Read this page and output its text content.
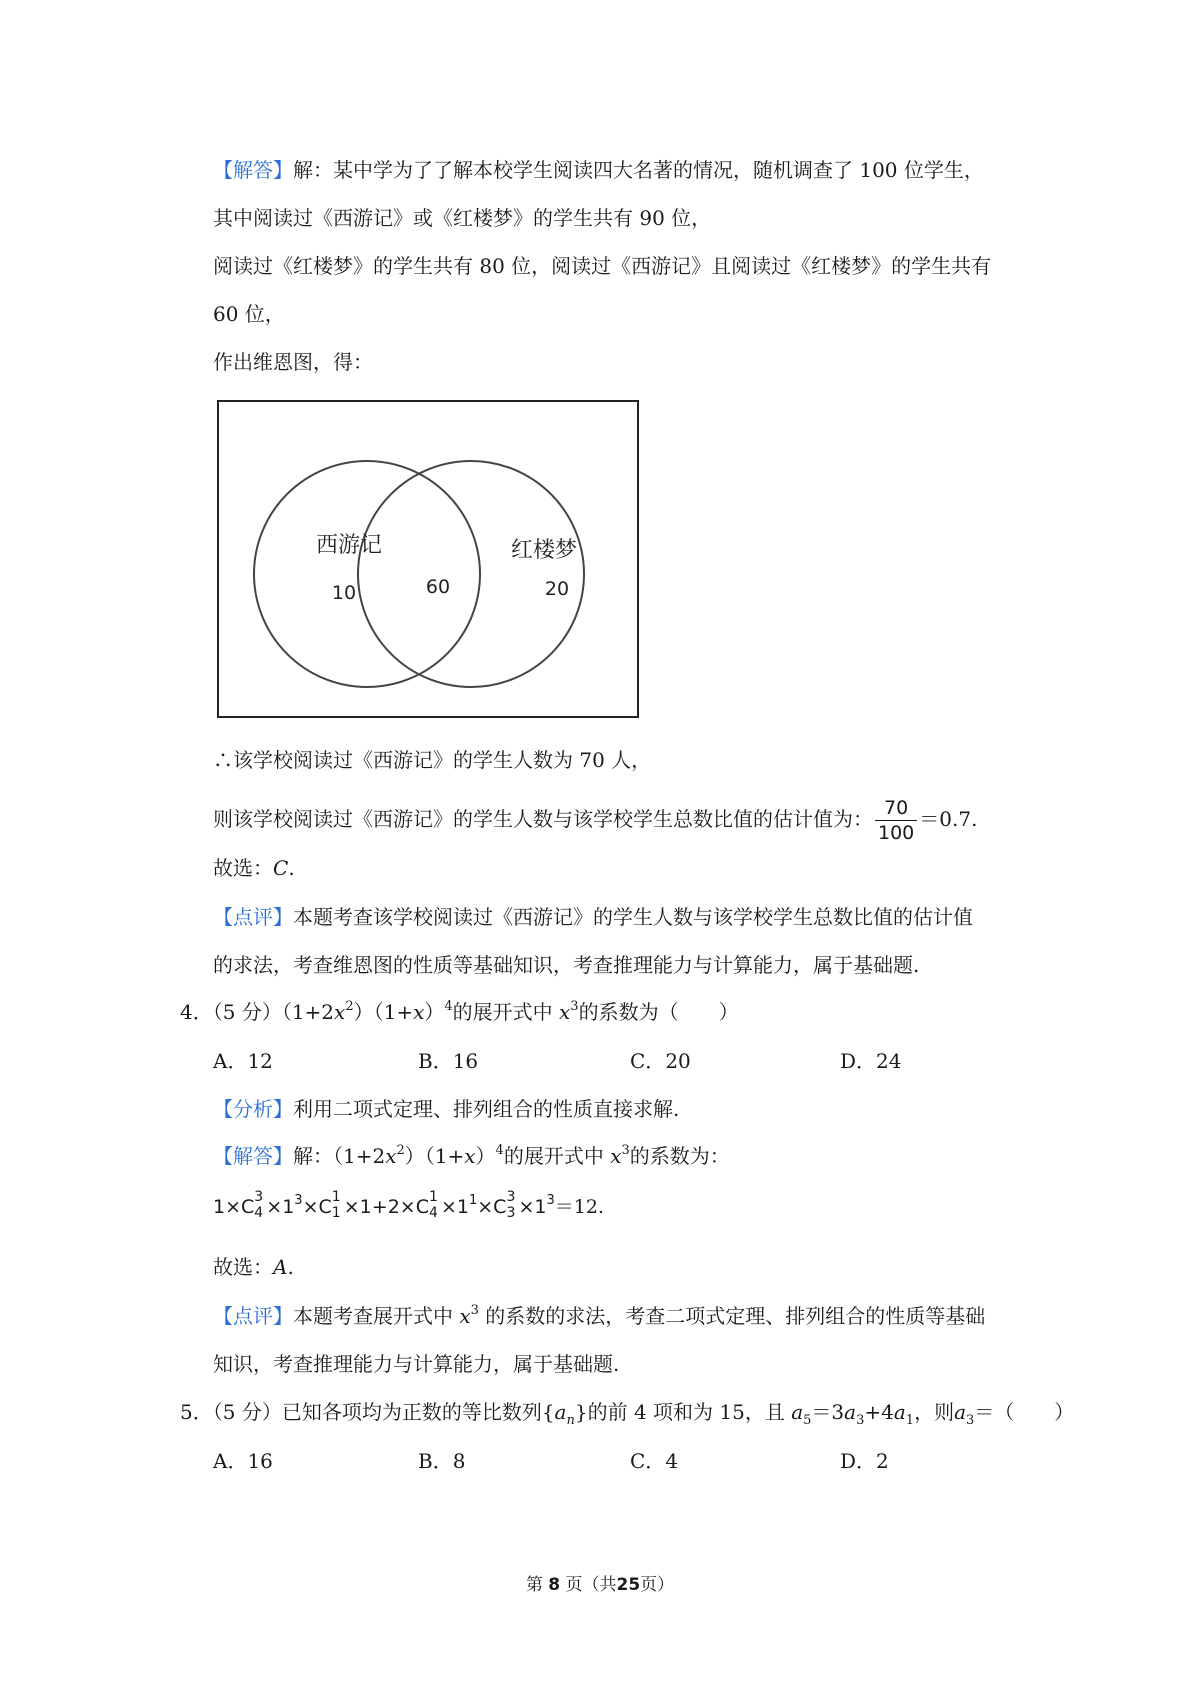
【解答】解：某中学为了了解本校学生阅读四大名著的情况，随机调查了 100 位学生，
其中阅读过《西游记》或《红楼梦》的学生共有 90 位，
阅读过《红楼梦》的学生共有 80 位，阅读过《西游记》且阅读过《红楼梦》的学生共有
60 位，
作出维恩图，得：
西游记
10	60
红楼梦
20
∴该学校阅读过《西游记》的学生人数为 70 人，
则该学校阅读过《西游记》的学生人数与该学校学生总数比值的估计值为： $\frac{70}{100} =0.7$.
故选：C.
【点评】本题考查该学校阅读过《西游记》的学生人数与该学校学生总数比值的估计值
的求法，考查维恩图的性质等基础知识，考查推理能力与计算能力，属于基础题.
4．（5 分）$(1+2x^2)(1+x)^4$的展开式中 $x^3$的系数为（　　）
A．12	B．16	C．20	D．24
【分析】利用二项式定理、排列组合的性质直接求解.
【解答】解：$(1+2x^2)(1+x)^4$的展开式中 $x^3$的系数为：
1×C 3
$4 \times 1^3\times C$ 1
1 ×1+2×C 1
$4 \times 1^1\times C$ 3
$3 \times 1^3=12$.
故选：A.
【点评】本题考查展开式中 $x^3$ 的系数的求法，考查二项式定理、排列组合的性质等基础
知识，考查推理能力与计算能力，属于基础题.
5．（5 分）已知各项均为正数的等比数列$\{a_n\}$的前 4 项和为 15，且 $a_5=3a_3+4a_1$，则$a_3=$（　　）
A．16	B．8	C．4	D．2
第 8 页（共25页）
